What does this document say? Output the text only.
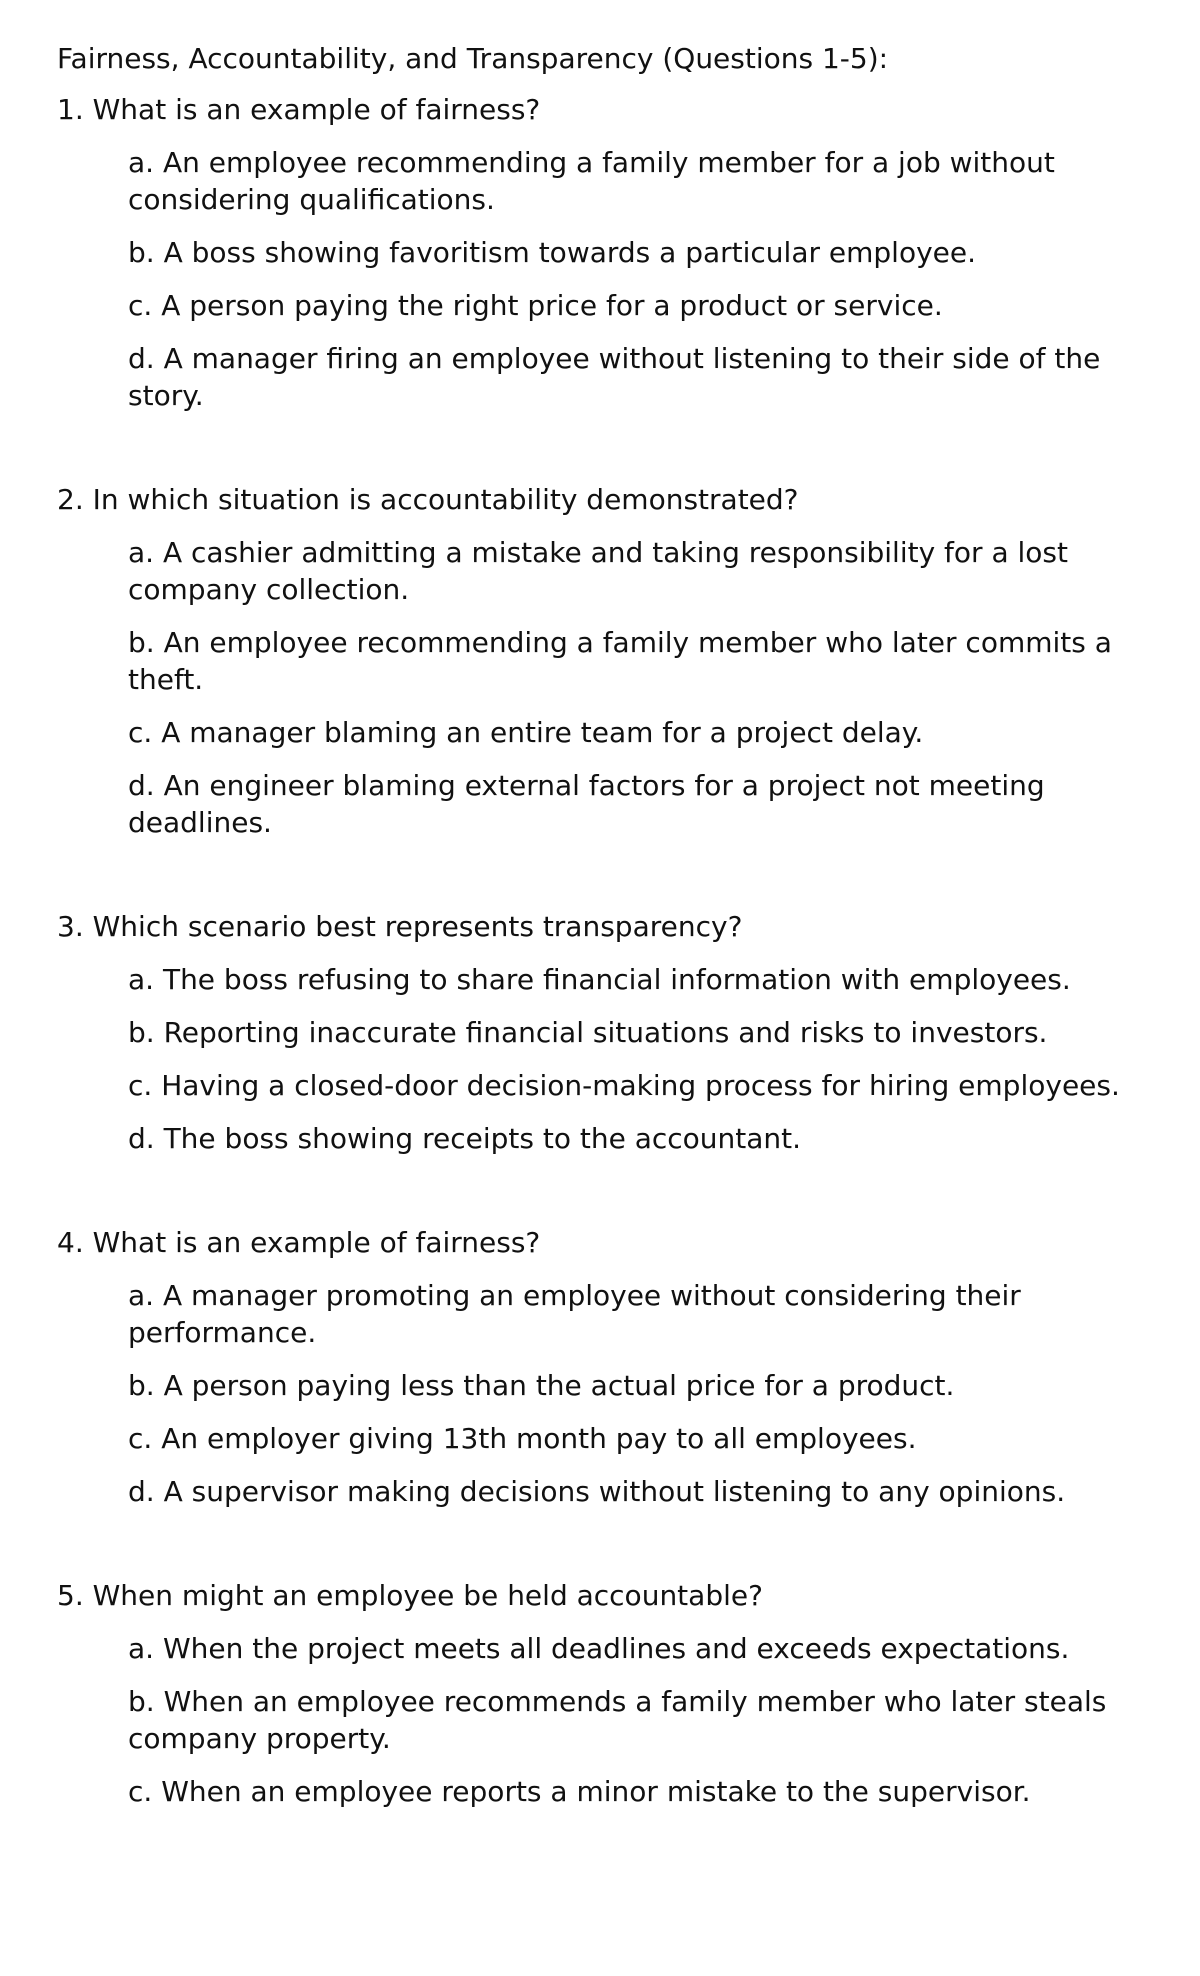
Fairness, Accountability, and Transparency (Questions 1-5):

1. What is an example of fairness?

a. An employee recommending a family member for a job without considering qualifications.
b. A boss showing favoritism towards a particular employee.
c. A person paying the right price for a product or service.
d. A manager firing an employee without listening to their side of the story.

2. In which situation is accountability demonstrated?

a. A cashier admitting a mistake and taking responsibility for a lost company collection.
b. An employee recommending a family member who later commits a theft.
c. A manager blaming an entire team for a project delay.
d. An engineer blaming external factors for a project not meeting deadlines.

3. Which scenario best represents transparency?

a. The boss refusing to share financial information with employees.
b. Reporting inaccurate financial situations and risks to investors.
c. Having a closed-door decision-making process for hiring employees.
d. The boss showing receipts to the accountant.

4. What is an example of fairness?

a. A manager promoting an employee without considering their performance.
b. A person paying less than the actual price for a product.
c. An employer giving 13th month pay to all employees.
d. A supervisor making decisions without listening to any opinions.

5. When might an employee be held accountable?

a. When the project meets all deadlines and exceeds expectations.
b. When an employee recommends a family member who later steals company property.
c. When an employee reports a minor mistake to the supervisor.
